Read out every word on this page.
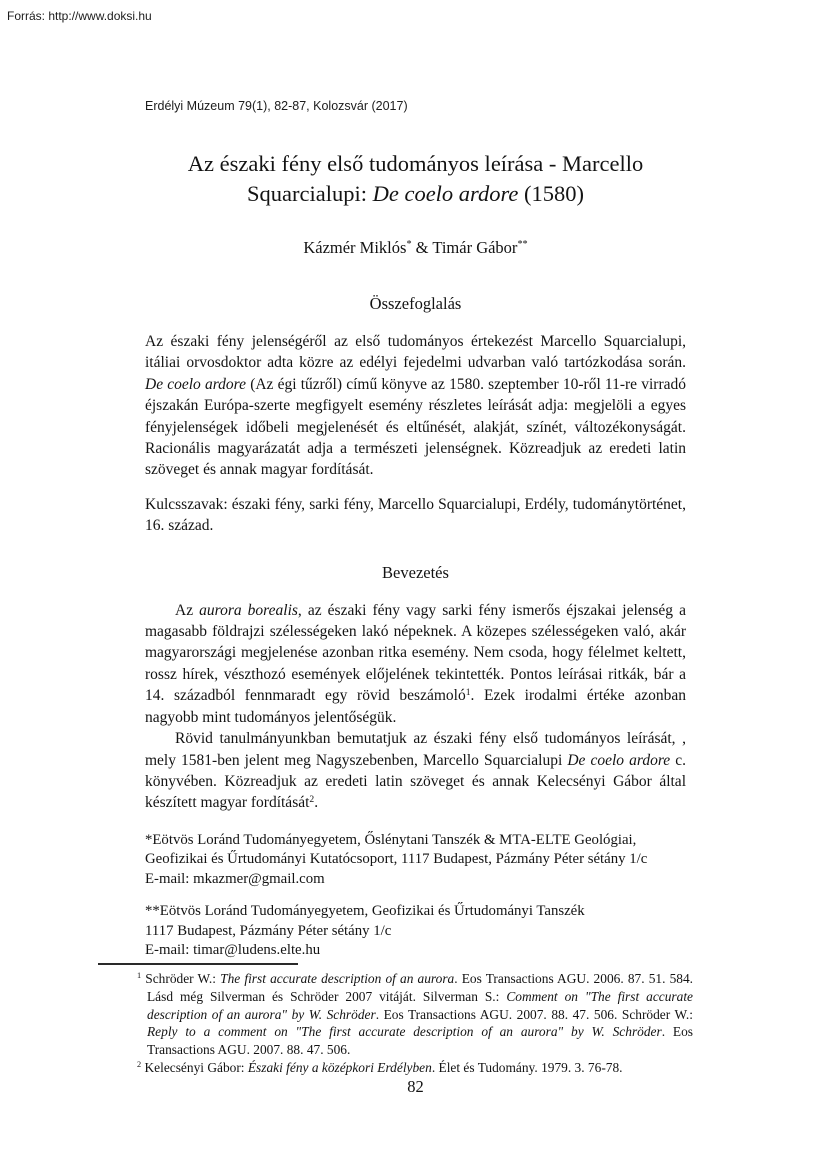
Forrás: http://www.doksi.hu
Erdélyi Múzeum 79(1), 82-87, Kolozsvár (2017)
Az északi fény első tudományos leírása - Marcello Squarcialupi: De coelo ardore (1580)
Kázmér Miklós* & Timár Gábor**
Összefoglalás

Az északi fény jelenségéről az első tudományos értekezést Marcello Squarcialupi, itáliai orvosdoktor adta közre az edélyi fejedelmi udvarban való tartózkodása során. De coelo ardore (Az égi tűzről) című könyve az 1580. szeptember 10-ről 11-re virradó éjszakán Európa-szerte megfigyelt esemény részletes leírását adja: megjelöli a egyes fényjelenségek időbeli megjelenését és eltűnését, alakját, színét, változékonyságát. Racionális magyarázatát adja a természeti jelenségnek. Közreadjuk az eredeti latin szöveget és annak magyar fordítását.

Kulcsszavak: északi fény, sarki fény, Marcello Squarcialupi, Erdély, tudománytörténet, 16. század.

Bevezetés

Az aurora borealis, az északi fény vagy sarki fény ismerős éjszakai jelenség a magasabb földrajzi szélességeken lakó népeknek. A közepes szélességeken való, akár magyarországi megjelenése azonban ritka esemény. Nem csoda, hogy félelmet keltett, rossz hírek, vészthozó események előjelének tekintették. Pontos leírásai ritkák, bár a 14. századból fennmaradt egy rövid beszámoló$^1$. Ezek irodalmi értéke azonban nagyobb mint tudományos jelentőségük.

Rövid tanulmányunkban bemutatjuk az északi fény első tudományos leírását, , mely 1581-ben jelent meg Nagyszebenben, Marcello Squarcialupi De coelo ardore c. könyvében. Közreadjuk az eredeti latin szöveget és annak Kelecsényi Gábor által készített magyar fordítását$^2$.

*Eötvös Loránd Tudományegyetem, Őslénytani Tanszék & MTA-ELTE Geológiai,
Geofizikai és Űrtudományi Kutatócsoport, 1117 Budapest, Pázmány Péter sétány 1/c
E-mail: mkazmer@gmail.com
**Eötvös Loránd Tudományegyetem, Geofizikai és Űrtudományi Tanszék
1117 Budapest, Pázmány Péter sétány 1/c
E-mail: timar@ludens.elte.hu
$^1$ Schröder W.: The first accurate description of an aurora. Eos Transactions AGU. 2006. 87. 51. 584. Lásd még Silverman és Schröder 2007 vitáját. Silverman S.: Comment on "The first accurate description of an aurora" by W. Schröder. Eos Transactions AGU. 2007. 88. 47. 506. Schröder W.: Reply to a comment on "The first accurate description of an aurora" by W. Schröder. Eos Transactions AGU. 2007. 88. 47. 506.
$^2$ Kelecsényi Gábor: Északi fény a középkori Erdélyben. Élet és Tudomány. 1979. 3. 76-78.
82
